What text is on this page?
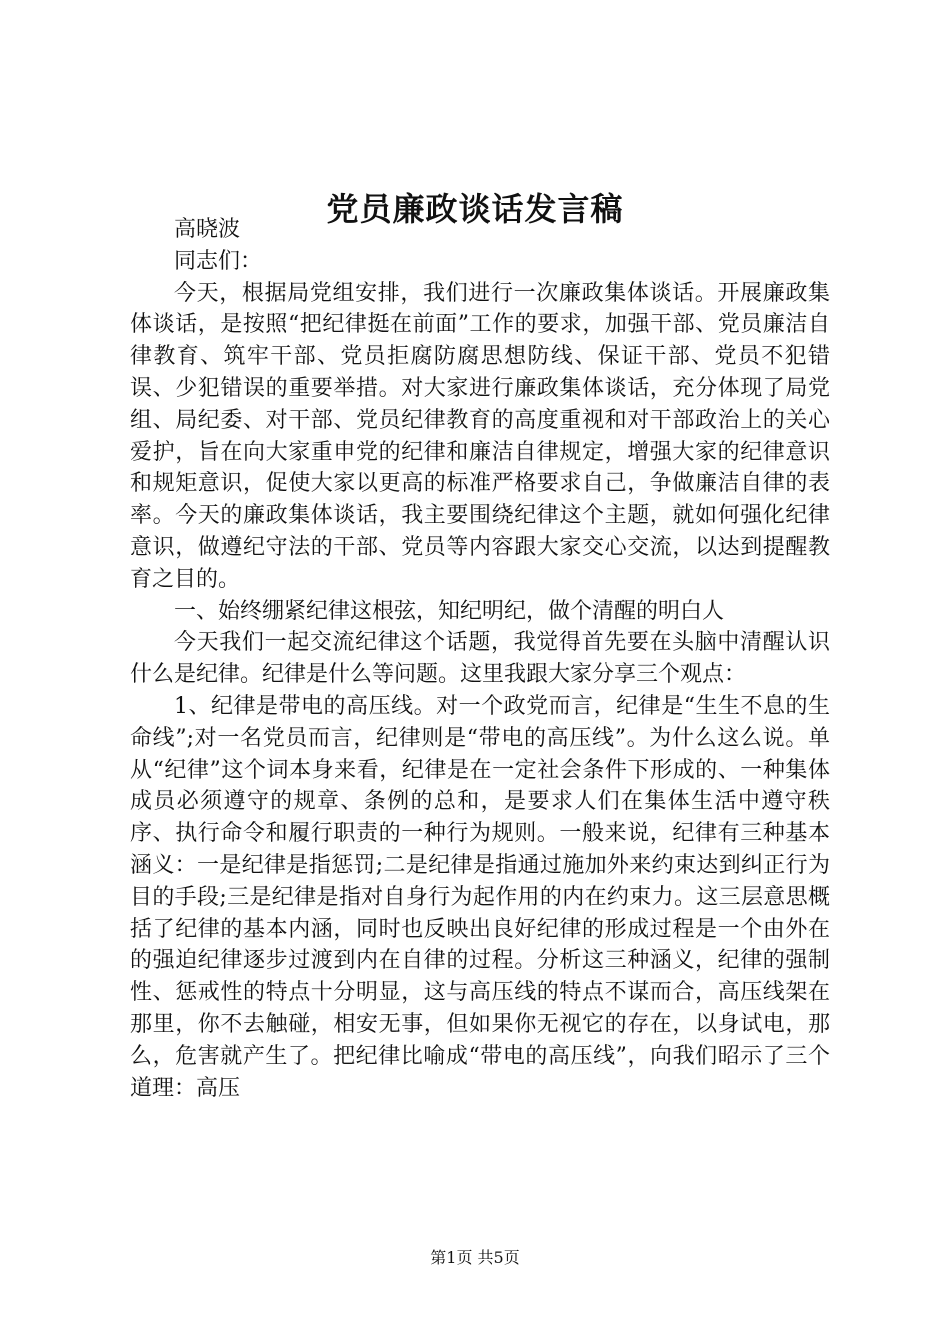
党员廉政谈话发言稿

高晓波

同志们：

今天，根据局党组安排，我们进行一次廉政集体谈话。开展廉政集体谈话，是按照“把纪律挺在前面”工作的要求，加强干部、党员廉洁自律教育、筑牢干部、党员拒腐防腐思想防线、保证干部、党员不犯错误、少犯错误的重要举措。对大家进行廉政集体谈话，充分体现了局党组、局纪委、对干部、党员纪律教育的高度重视和对干部政治上的关心爱护，旨在向大家重申党的纪律和廉洁自律规定，增强大家的纪律意识和规矩意识，促使大家以更高的标准严格要求自己，争做廉洁自律的表率。今天的廉政集体谈话，我主要围绕纪律这个主题，就如何强化纪律意识，做遵纪守法的干部、党员等内容跟大家交心交流，以达到提醒教育之目的。

一、始终绷紧纪律这根弦，知纪明纪，做个清醒的明白人

今天我们一起交流纪律这个话题，我觉得首先要在头脑中清醒认识什么是纪律。纪律是什么等问题。这里我跟大家分享三个观点：

1、纪律是带电的高压线。对一个政党而言，纪律是“生生不息的生命线”;对一名党员而言，纪律则是“带电的高压线”。为什么这么说。单从“纪律”这个词本身来看，纪律是在一定社会条件下形成的、一种集体成员必须遵守的规章、条例的总和，是要求人们在集体生活中遵守秩序、执行命令和履行职责的一种行为规则。一般来说，纪律有三种基本涵义：一是纪律是指惩罚;二是纪律是指通过施加外来约束达到纠正行为目的手段;三是纪律是指对自身行为起作用的内在约束力。这三层意思概括了纪律的基本内涵，同时也反映出良好纪律的形成过程是一个由外在的强迫纪律逐步过渡到内在自律的过程。分析这三种涵义，纪律的强制性、惩戒性的特点十分明显，这与高压线的特点不谋而合，高压线架在那里，你不去触碰，相安无事，但如果你无视它的存在，以身试电，那么，危害就产生了。把纪律比喻成“带电的高压线”，向我们昭示了三个道理：高压

第1页 共5页
